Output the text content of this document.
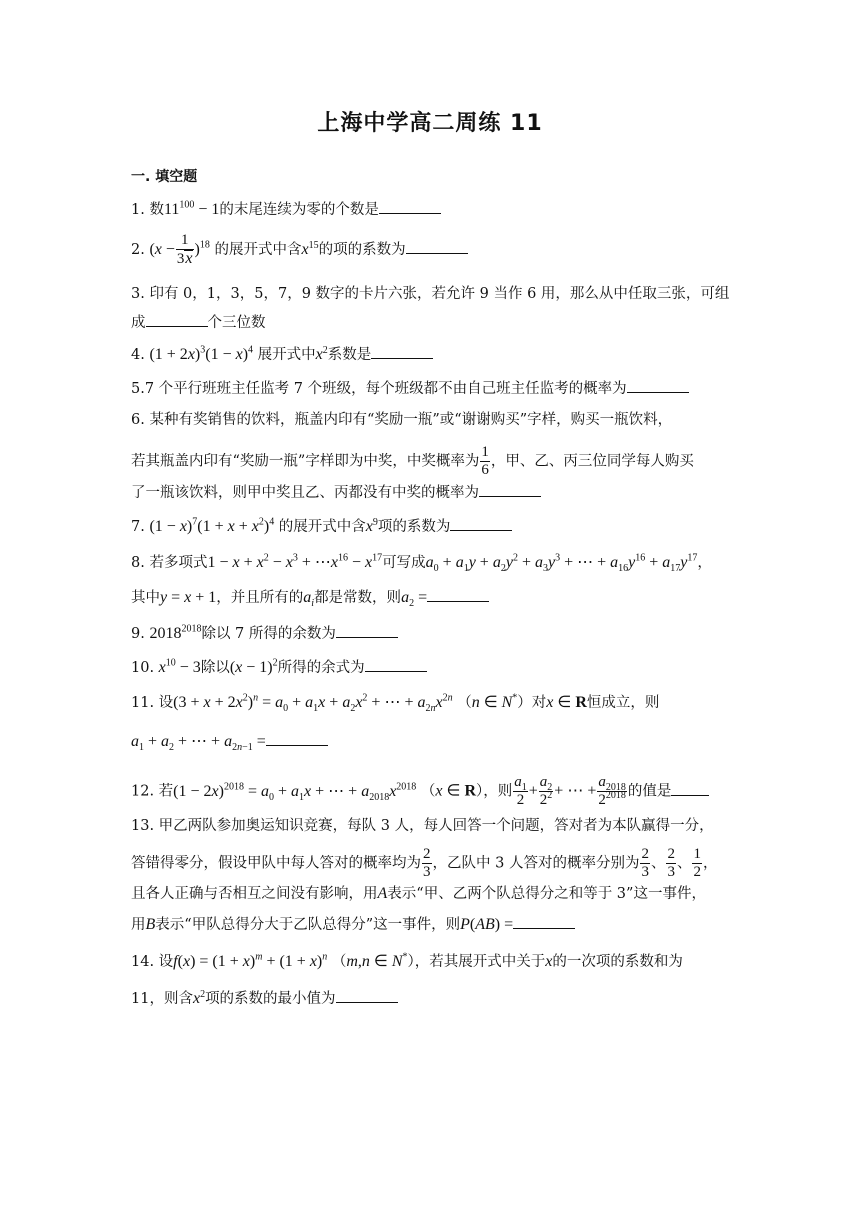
上海中学高二周练 11
一. 填空题
1. 数$11^{100} - 1$的末尾连续为零的个数是
2. $(x - \frac{1}{3x} )^{18}$ 的展开式中含$x^{15}$的项的系数为
3. 印有 0，1，3，5，7，9 数字的卡片六张，若允许 9 当作 6 用，那么从中任取三张，可组
成	个三位数
4. $(1 + 2x)^3(1 - x)^4$ 展开式中$x^2$系数是
5.7 个平行班班主任监考 7 个班级，每个班级都不由自己班主任监考的概率为
6. 某种有奖销售的饮料，瓶盖内印有“奖励一瓶”或“谢谢购买”字样，购买一瓶饮料，
若其瓶盖内印有“奖励一瓶”字样即为中奖，中奖概率为 $\frac{1}{6}$ ，甲、乙、丙三位同学每人购买
了一瓶该饮料，则甲中奖且乙、丙都没有中奖的概率为
7. $(1 - x)^7(1 + x + x^2)^4$ 的展开式中含$x^9$项的系数为
8. 若多项式$1 - x + x^2 - x^3$ + $\cdots x^{16} - x^{17}$可写成$a_0 + a_1y + a_2y^2 + a_3y^3$ + ⋯ + $a_{16}y^{16} + a_{17}y^{17}$，
其中y = x + 1，并且所有的$a_i$都是常数，则$a_2$ =
9. $2018^{2018}$除以 7 所得的余数为
10. $x^{10} - 3$除以$(x - 1)^2$所得的余式为
11. 设$(3 + x + 2x^2)^n = a_0 + a_1x + a_2x^2$ + ⋯ + $a_{2n}x^{2n}$ （n ∈ N*）对x ∈ R恒成立，则
$a_1 + a_2$ + ⋯ + $a_{2n-1}$ =
12. 若$(1 - 2x)^{2018} = a_0 + a_1x$ + ⋯ + $a_{2018}x^{2018}$ （x ∈ R），则 $\frac{a_1}{2} + \frac{a_2}{2^2}$ + ⋯ + $\frac{a_{2018}}{2^{2018}}$ 的值是
13. 甲乙两队参加奥运知识竞赛，每队 3 人，每人回答一个问题，答对者为本队赢得一分，
答错得零分，假设甲队中每人答对的概率均为 $\frac{2}{3}$ ，乙队中 3 人答对的概率分别为 $\frac{2}{3}$ 、 $\frac{2}{3}$ 、 $\frac{1}{2}$ ，
且各人正确与否相互之间没有影响，用A表示“甲、乙两个队总得分之和等于 3”这一事件，
用B表示“甲队总得分大于乙队总得分”这一事件，则P(AB) =
14. 设$f(x) = (1 + x)^m + (1 + x)^n$ （m,n ∈ N*），若其展开式中关于x的一次项的系数和为
11，则含$x^2$项的系数的最小值为
